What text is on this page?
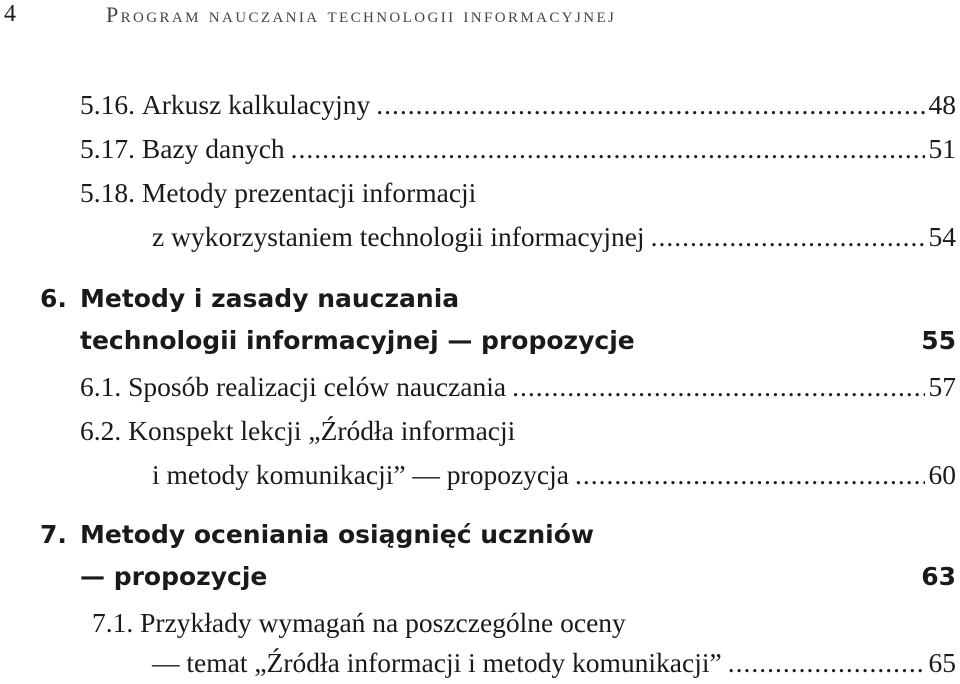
4	Program nauczania technologii informacyjnej
5.16. Arkusz kalkulacyjny .....	48
5.17. Bazy danych .....	51
5.18. Metody prezentacji informacji
z wykorzystaniem technologii informacyjnej .....	54
6. Metody i zasady nauczania
technologii informacyjnej — propozycje	55
6.1. Sposób realizacji celów nauczania .....	57
6.2. Konspekt lekcji „Źródła informacji
i metody komunikacji” — propozycja .....	60
7. Metody oceniania osiągnięć uczniów
— propozycje	63
7.1. Przykłady wymagań na poszczególne oceny
— temat „Źródła informacji i metody komunikacji” .....	65
